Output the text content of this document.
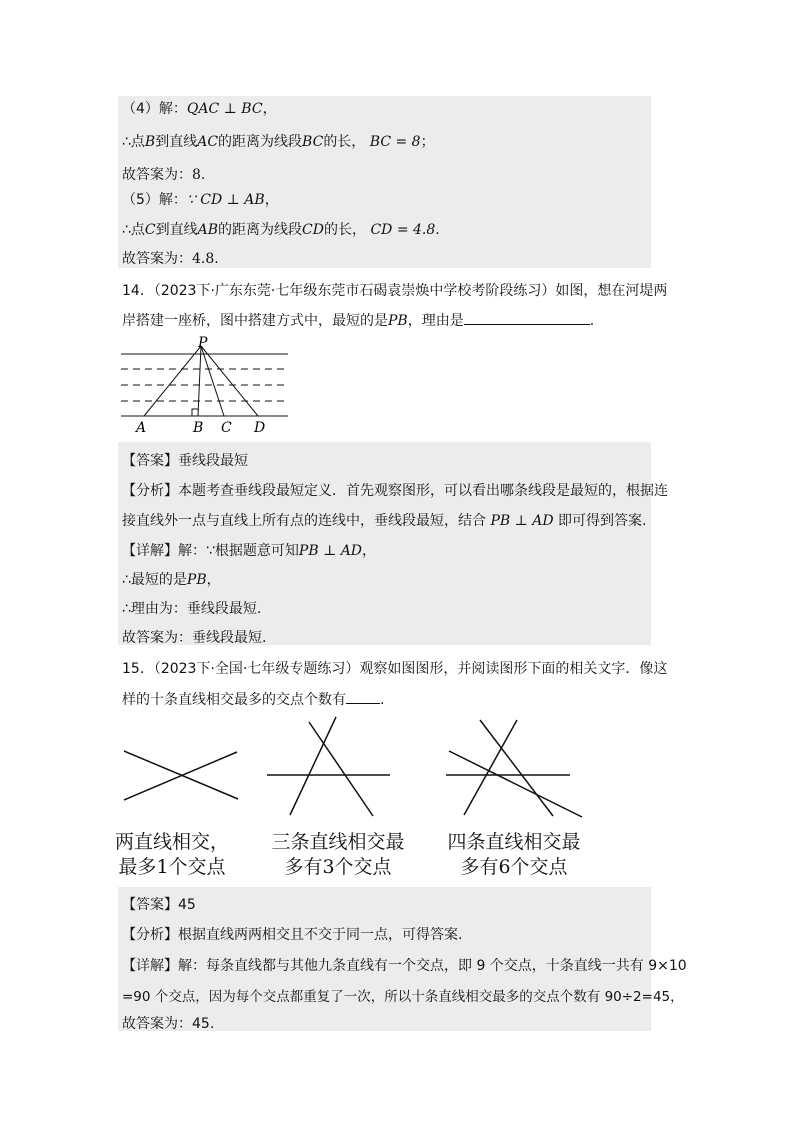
（4）解：QAC ⊥ BC，
∴点B到直线AC的距离为线段BC的长， BC = 8；
故答案为：8.
（5）解：∵ CD ⊥ AB，
∴点C到直线AB的距离为线段CD的长， CD = 4.8.
故答案为：4.8.
14．（2023下·广东东莞·七年级东莞市石碣袁崇焕中学校考阶段练习）如图，想在河堤两
岸搭建一座桥，图中搭建方式中，最短的是PB，理由是	.
P
A	B C D
【答案】垂线段最短
【分析】本题考查垂线段最短定义．首先观察图形，可以看出哪条线段是最短的，根据连
接直线外一点与直线上所有点的连线中，垂线段最短，结合 PB ⊥ AD 即可得到答案.
【详解】解：∵根据题意可知PB ⊥ AD，
∴最短的是PB，
∴理由为：垂线段最短.
故答案为：垂线段最短.
15．（2023下·全国·七年级专题练习）观察如图图形，并阅读图形下面的相关文字．像这
样的十条直线相交最多的交点个数有 .
两直线相交，
最多1个交点
三条直线相交最
多有3个交点
四条直线相交最
多有6个交点
【答案】45
【分析】根据直线两两相交且不交于同一点，可得答案.
【详解】解：每条直线都与其他九条直线有一个交点，即 9 个交点，十条直线一共有 9×10
=90 个交点，因为每个交点都重复了一次，所以十条直线相交最多的交点个数有 90÷2=45，
故答案为：45.
